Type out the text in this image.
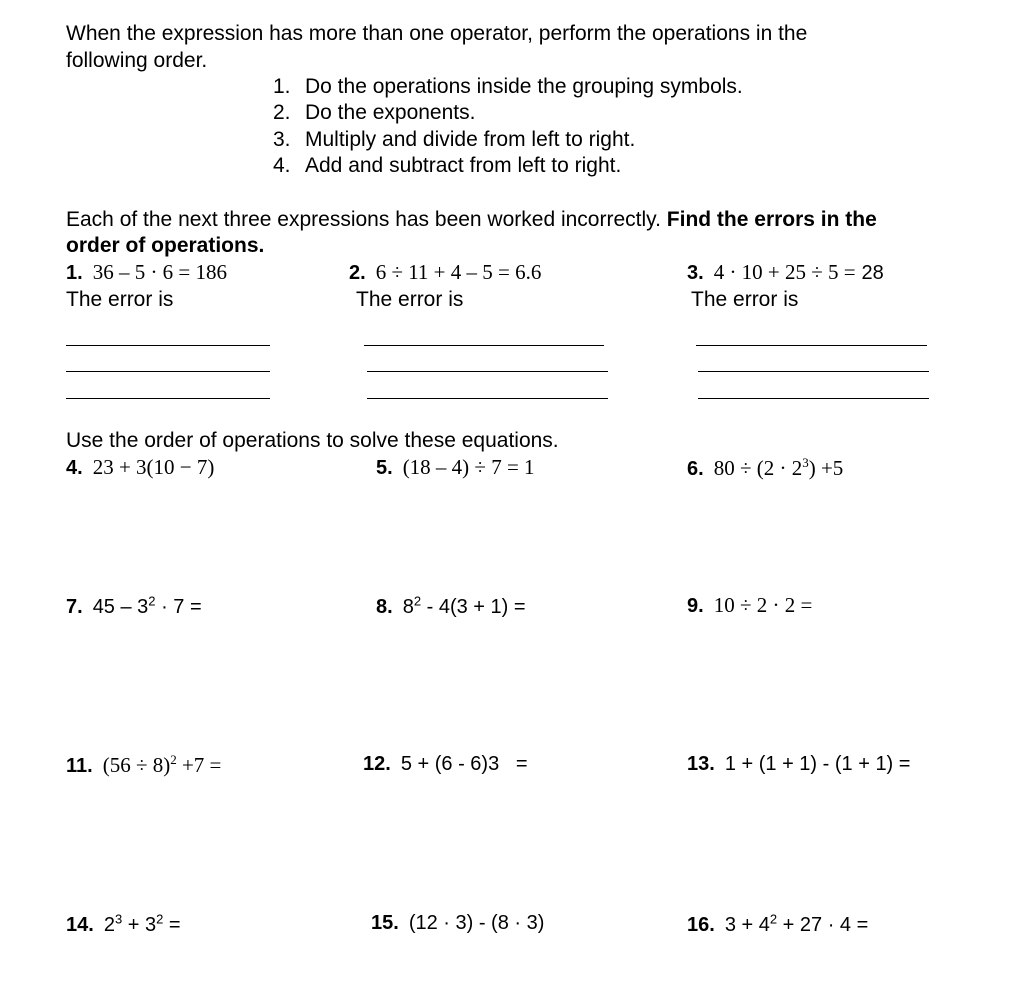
When the expression has more than one operator, perform the operations in the
following order.
1. Do the operations inside the grouping symbols.
2. Do the exponents.
3. Multiply and divide from left to right.
4. Add and subtract from left to right.
Each of the next three expressions has been worked incorrectly. Find the errors in the
order of operations.
1. 36 – 5 · 6 = 186
The error is
2. 6 ÷ 11 + 4 – 5 = 6.6
The error is
3. 4 · 10 + 25 ÷ 5 = 28
The error is
Use the order of operations to solve these equations.
4. 23 + 3(10 − 7)	5. (18 – 4) ÷ 7 = 1	6. $80 \div (2 \cdot 2^3) +5$
7. $45 - 3^2 \cdot 7$ =	8. $8^2 - 4(3 + 1)$ =	9. 10 ÷ 2 · 2 =
11. $(56 \div 8)^2 +7$ =	12. 5 + (6 - 6)3   =	13. 1 + (1 + 1) - (1 + 1) =
14. $2^3 + 3^2$ =	15. (12 · 3) - (8 · 3)	16. $3 + 4^2 + 27 \cdot 4$ =
